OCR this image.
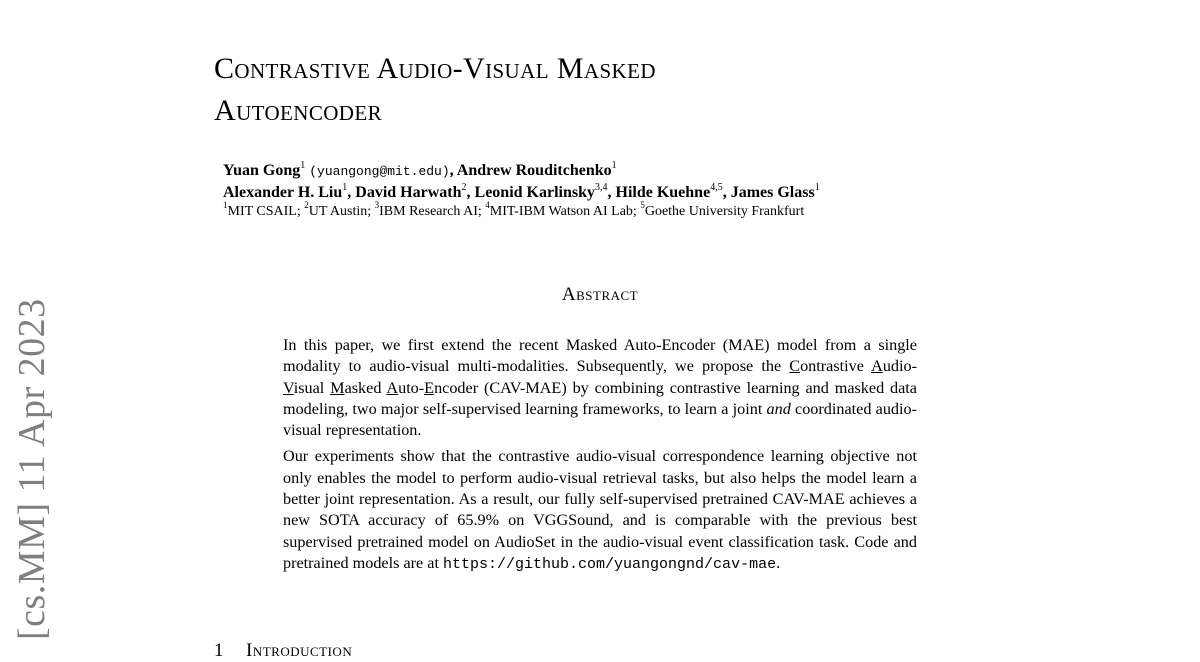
[cs.MM] 11 Apr 2023
Contrastive Audio-Visual Masked
Autoencoder
Yuan Gong$^1$ (yuangong@mit.edu), Andrew Rouditchenko$^1$
Alexander H. Liu$^1$, David Harwath$^2$, Leonid Karlinsky$^{3,4}$, Hilde Kuehne$^{4,5}$, James Glass$^1$
$^1$MIT CSAIL; $^2$UT Austin; $^3$IBM Research AI; $^4$MIT-IBM Watson AI Lab; $^5$Goethe University Frankfurt
Abstract

In this paper, we first extend the recent Masked Auto-Encoder (MAE) model from a single modality to audio-visual multi-modalities. Subsequently, we propose the Contrastive Audio-Visual Masked Auto-Encoder (CAV-MAE) by combining contrastive learning and masked data modeling, two major self-supervised learning frameworks, to learn a joint and coordinated audio-visual representation.

Our experiments show that the contrastive audio-visual correspondence learning objective not only enables the model to perform audio-visual retrieval tasks, but also helps the model learn a better joint representation. As a result, our fully self-supervised pretrained CAV-MAE achieves a new SOTA accuracy of 65.9% on VGGSound, and is comparable with the previous best supervised pretrained model on AudioSet in the audio-visual event classification task. Code and pretrained models are at https://github.com/yuangongnd/cav-mae.

1 Introduction
